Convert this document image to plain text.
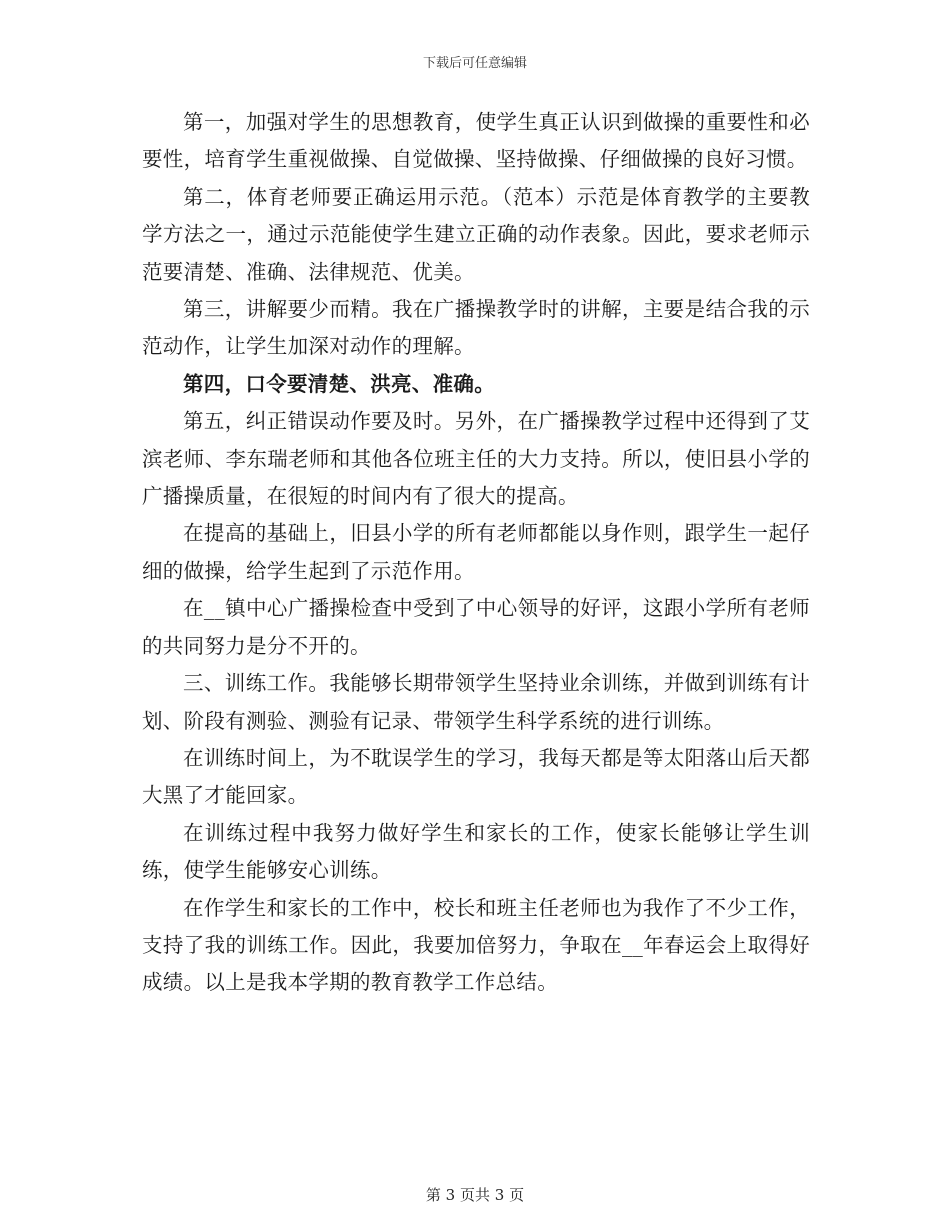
下载后可任意编辑

第一，加强对学生的思想教育，使学生真正认识到做操的重要性和必要性，培育学生重视做操、自觉做操、坚持做操、仔细做操的良好习惯。

第二，体育老师要正确运用示范。（范本）示范是体育教学的主要教学方法之一，通过示范能使学生建立正确的动作表象。因此，要求老师示范要清楚、准确、法律规范、优美。

第三，讲解要少而精。我在广播操教学时的讲解，主要是结合我的示范动作，让学生加深对动作的理解。

第四，口令要清楚、洪亮、准确。

第五，纠正错误动作要及时。另外，在广播操教学过程中还得到了艾滨老师、李东瑞老师和其他各位班主任的大力支持。所以，使旧县小学的广播操质量，在很短的时间内有了很大的提高。

在提高的基础上，旧县小学的所有老师都能以身作则，跟学生一起仔细的做操，给学生起到了示范作用。

在__镇中心广播操检查中受到了中心领导的好评，这跟小学所有老师的共同努力是分不开的。

三、训练工作。我能够长期带领学生坚持业余训练，并做到训练有计划、阶段有测验、测验有记录、带领学生科学系统的进行训练。

在训练时间上，为不耽误学生的学习，我每天都是等太阳落山后天都大黑了才能回家。

在训练过程中我努力做好学生和家长的工作，使家长能够让学生训练，使学生能够安心训练。

在作学生和家长的工作中，校长和班主任老师也为我作了不少工作，支持了我的训练工作。因此，我要加倍努力，争取在__年春运会上取得好成绩。以上是我本学期的教育教学工作总结。

第 3 页共 3 页
